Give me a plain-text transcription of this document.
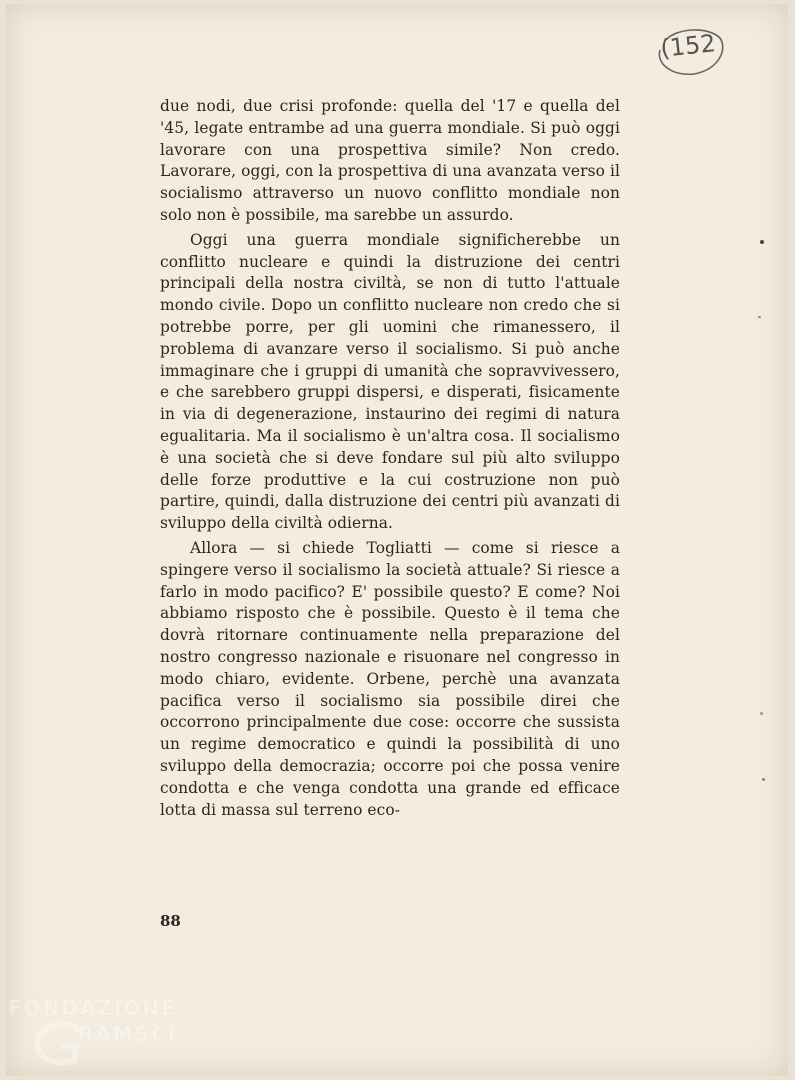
(152

due nodi, due crisi profonde: quella del '17 e quella del '45, legate entrambe ad una guerra mondiale. Si può oggi lavorare con una prospettiva simile? Non credo. Lavorare, oggi, con la prospettiva di una avanzata verso il socialismo attraverso un nuovo conflitto mondiale non solo non è possibile, ma sarebbe un assurdo.

Oggi una guerra mondiale significherebbe un conflitto nucleare e quindi la distruzione dei centri principali della nostra civiltà, se non di tutto l'attuale mondo civile. Dopo un conflitto nucleare non credo che si potrebbe porre, per gli uomini che rimanessero, il problema di avanzare verso il socialismo. Si può anche immaginare che i gruppi di umanità che sopravvivessero, e che sarebbero gruppi dispersi, e disperati, fisicamente in via di degenerazione, instaurino dei regimi di natura egualitaria. Ma il socialismo è un'altra cosa. Il socialismo è una società che si deve fondare sul più alto sviluppo delle forze produttive e la cui costruzione non può partire, quindi, dalla distruzione dei centri più avanzati di sviluppo della civiltà odierna.

Allora — si chiede Togliatti — come si riesce a spingere verso il socialismo la società attuale? Si riesce a farlo in modo pacifico? E' possibile questo? E come? Noi abbiamo risposto che è possibile. Questo è il tema che dovrà ritornare continuamente nella preparazione del nostro congresso nazionale e risuonare nel congresso in modo chiaro, evidente. Orbene, perchè una avanzata pacifica verso il socialismo sia possibile direi che occorrono principalmente due cose: occorre che sussista un regime democratico e quindi la possibilità di uno sviluppo della democrazia; occorre poi che possa venire condotta e che venga condotta una grande ed efficace lotta di massa sul terreno eco-

88
FONDAZIONE
RAMSCI
